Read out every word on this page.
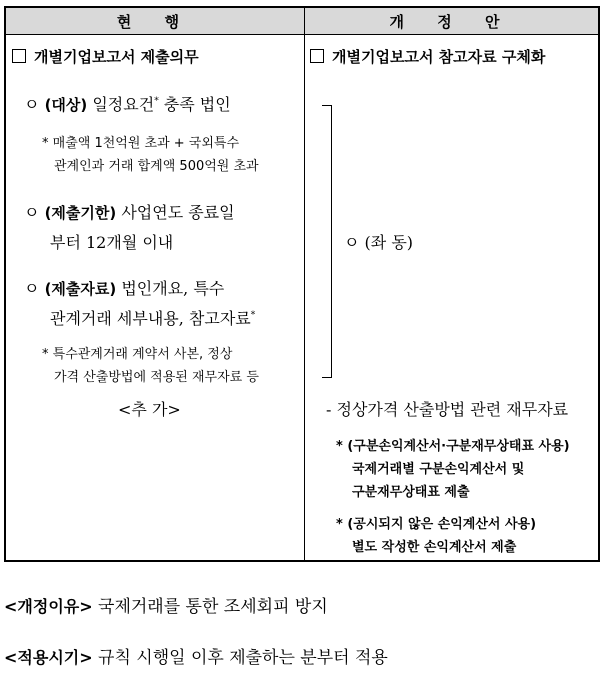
현 행	개 정 안
개별기업보고서 제출의무
ㅇ (대상) 일정요건* 충족 법인
* 매출액 1천억원 초과 + 국외특수
관계인과 거래 합계액 500억원 초과
ㅇ (제출기한) 사업연도 종료일
부터 12개월 이내
ㅇ (제출자료) 법인개요, 특수
관계거래 세부내용, 참고자료*
* 특수관계거래 계약서 사본, 정상
가격 산출방법에 적용된 재무자료 등
<추 가>
개별기업보고서 참고자료 구체화
ㅇ (좌 동)
- 정상가격 산출방법 관련 재무자료
* (구분손익계산서·구분재무상태표 사용)
국제거래별 구분손익계산서 및
구분재무상태표 제출
* (공시되지 않은 손익계산서 사용)
별도 작성한 손익계산서 제출
<개정이유> 국제거래를 통한 조세회피 방지
<적용시기> 규칙 시행일 이후 제출하는 분부터 적용
